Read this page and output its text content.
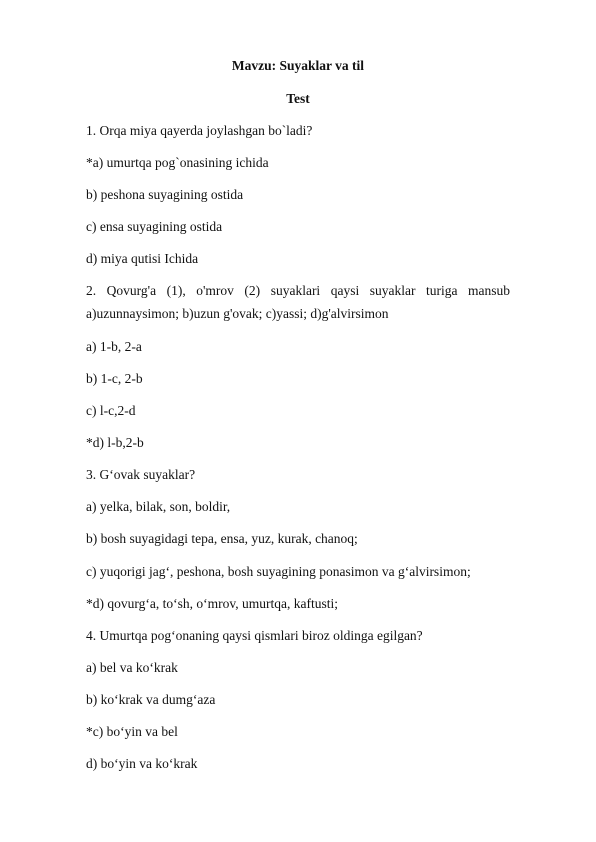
Mavzu: Suyaklar va til
Test
1. Orqa miya qayerda joylashgan bo`ladi?
*a) umurtqa pog`onasining ichida
b) peshona suyagining ostida
c) ensa suyagining ostida
d) miya qutisi Ichida
2. Qovurg'a (1), o'mrov (2) suyaklari qaysi suyaklar turiga mansub
a)uzunnaysimon; b)uzun g'ovak; c)yassi; d)g'alvirsimon
a) 1-b, 2-a
b) 1-c, 2-b
c) l-c,2-d
*d) l-b,2-b
3. G‘ovak suyaklar?
a) yelka, bilak, son, boldir,
b) bosh suyagidagi tepa, ensa, yuz, kurak, chanoq;
c) yuqorigi jag‘, peshona, bosh suyagining ponasimon va g‘alvirsimon;
*d) qovurg‘a, to‘sh, o‘mrov, umurtqa, kaftusti;
4. Umurtqa pog‘onaning qaysi qismlari biroz oldinga egilgan?
a) bel va ko‘krak
b) ko‘krak va dumg‘aza
*c) bo‘yin va bel
d) bo‘yin va ko‘krak
